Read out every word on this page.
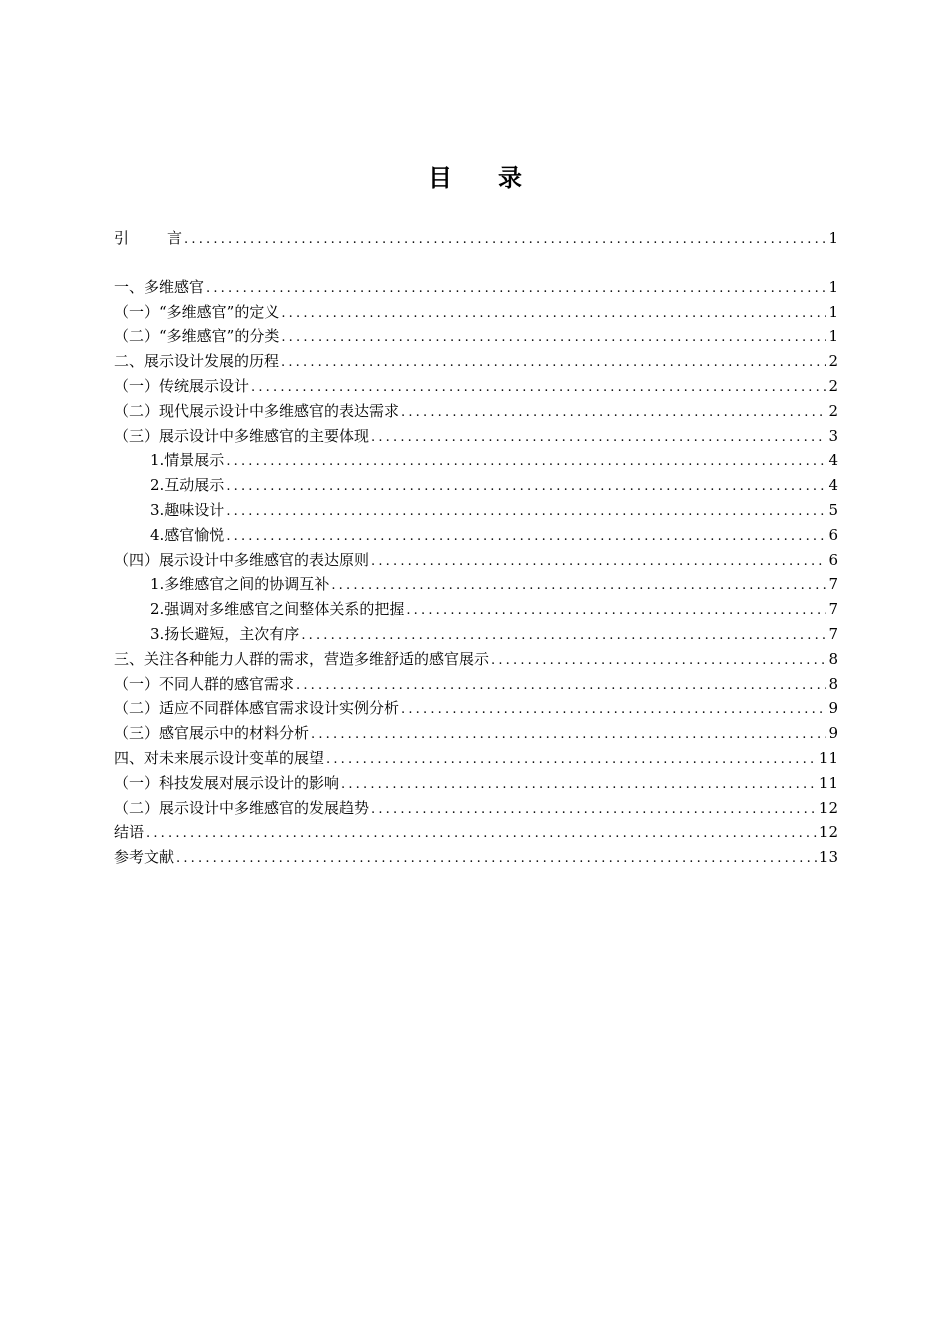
目 录
引	言 .....	1
一、多维感官 .....	1
（一）“多维感官”的定义 .....	1
（二）“多维感官”的分类 .....	1
二、展示设计发展的历程 .....	2
（一）传统展示设计 .....	2
（二）现代展示设计中多维感官的表达需求 .....	2
（三）展示设计中多维感官的主要体现 .....	3
1.情景展示 .....	4
2.互动展示 .....	4
3.趣味设计 .....	5
4.感官愉悦 .....	6
（四）展示设计中多维感官的表达原则 .....	6
1.多维感官之间的协调互补 .....	7
2.强调对多维感官之间整体关系的把握 .....	7
3.扬长避短，主次有序 .....	7
三、关注各种能力人群的需求，营造多维舒适的感官展示 .....	8
（一）不同人群的感官需求 .....	8
（二）适应不同群体感官需求设计实例分析 .....	9
（三）感官展示中的材料分析 .....	9
四、对未来展示设计变革的展望 .....	11
（一）科技发展对展示设计的影响 .....	11
（二）展示设计中多维感官的发展趋势 .....	12
结语 .....	12
参考文献 .....	13
